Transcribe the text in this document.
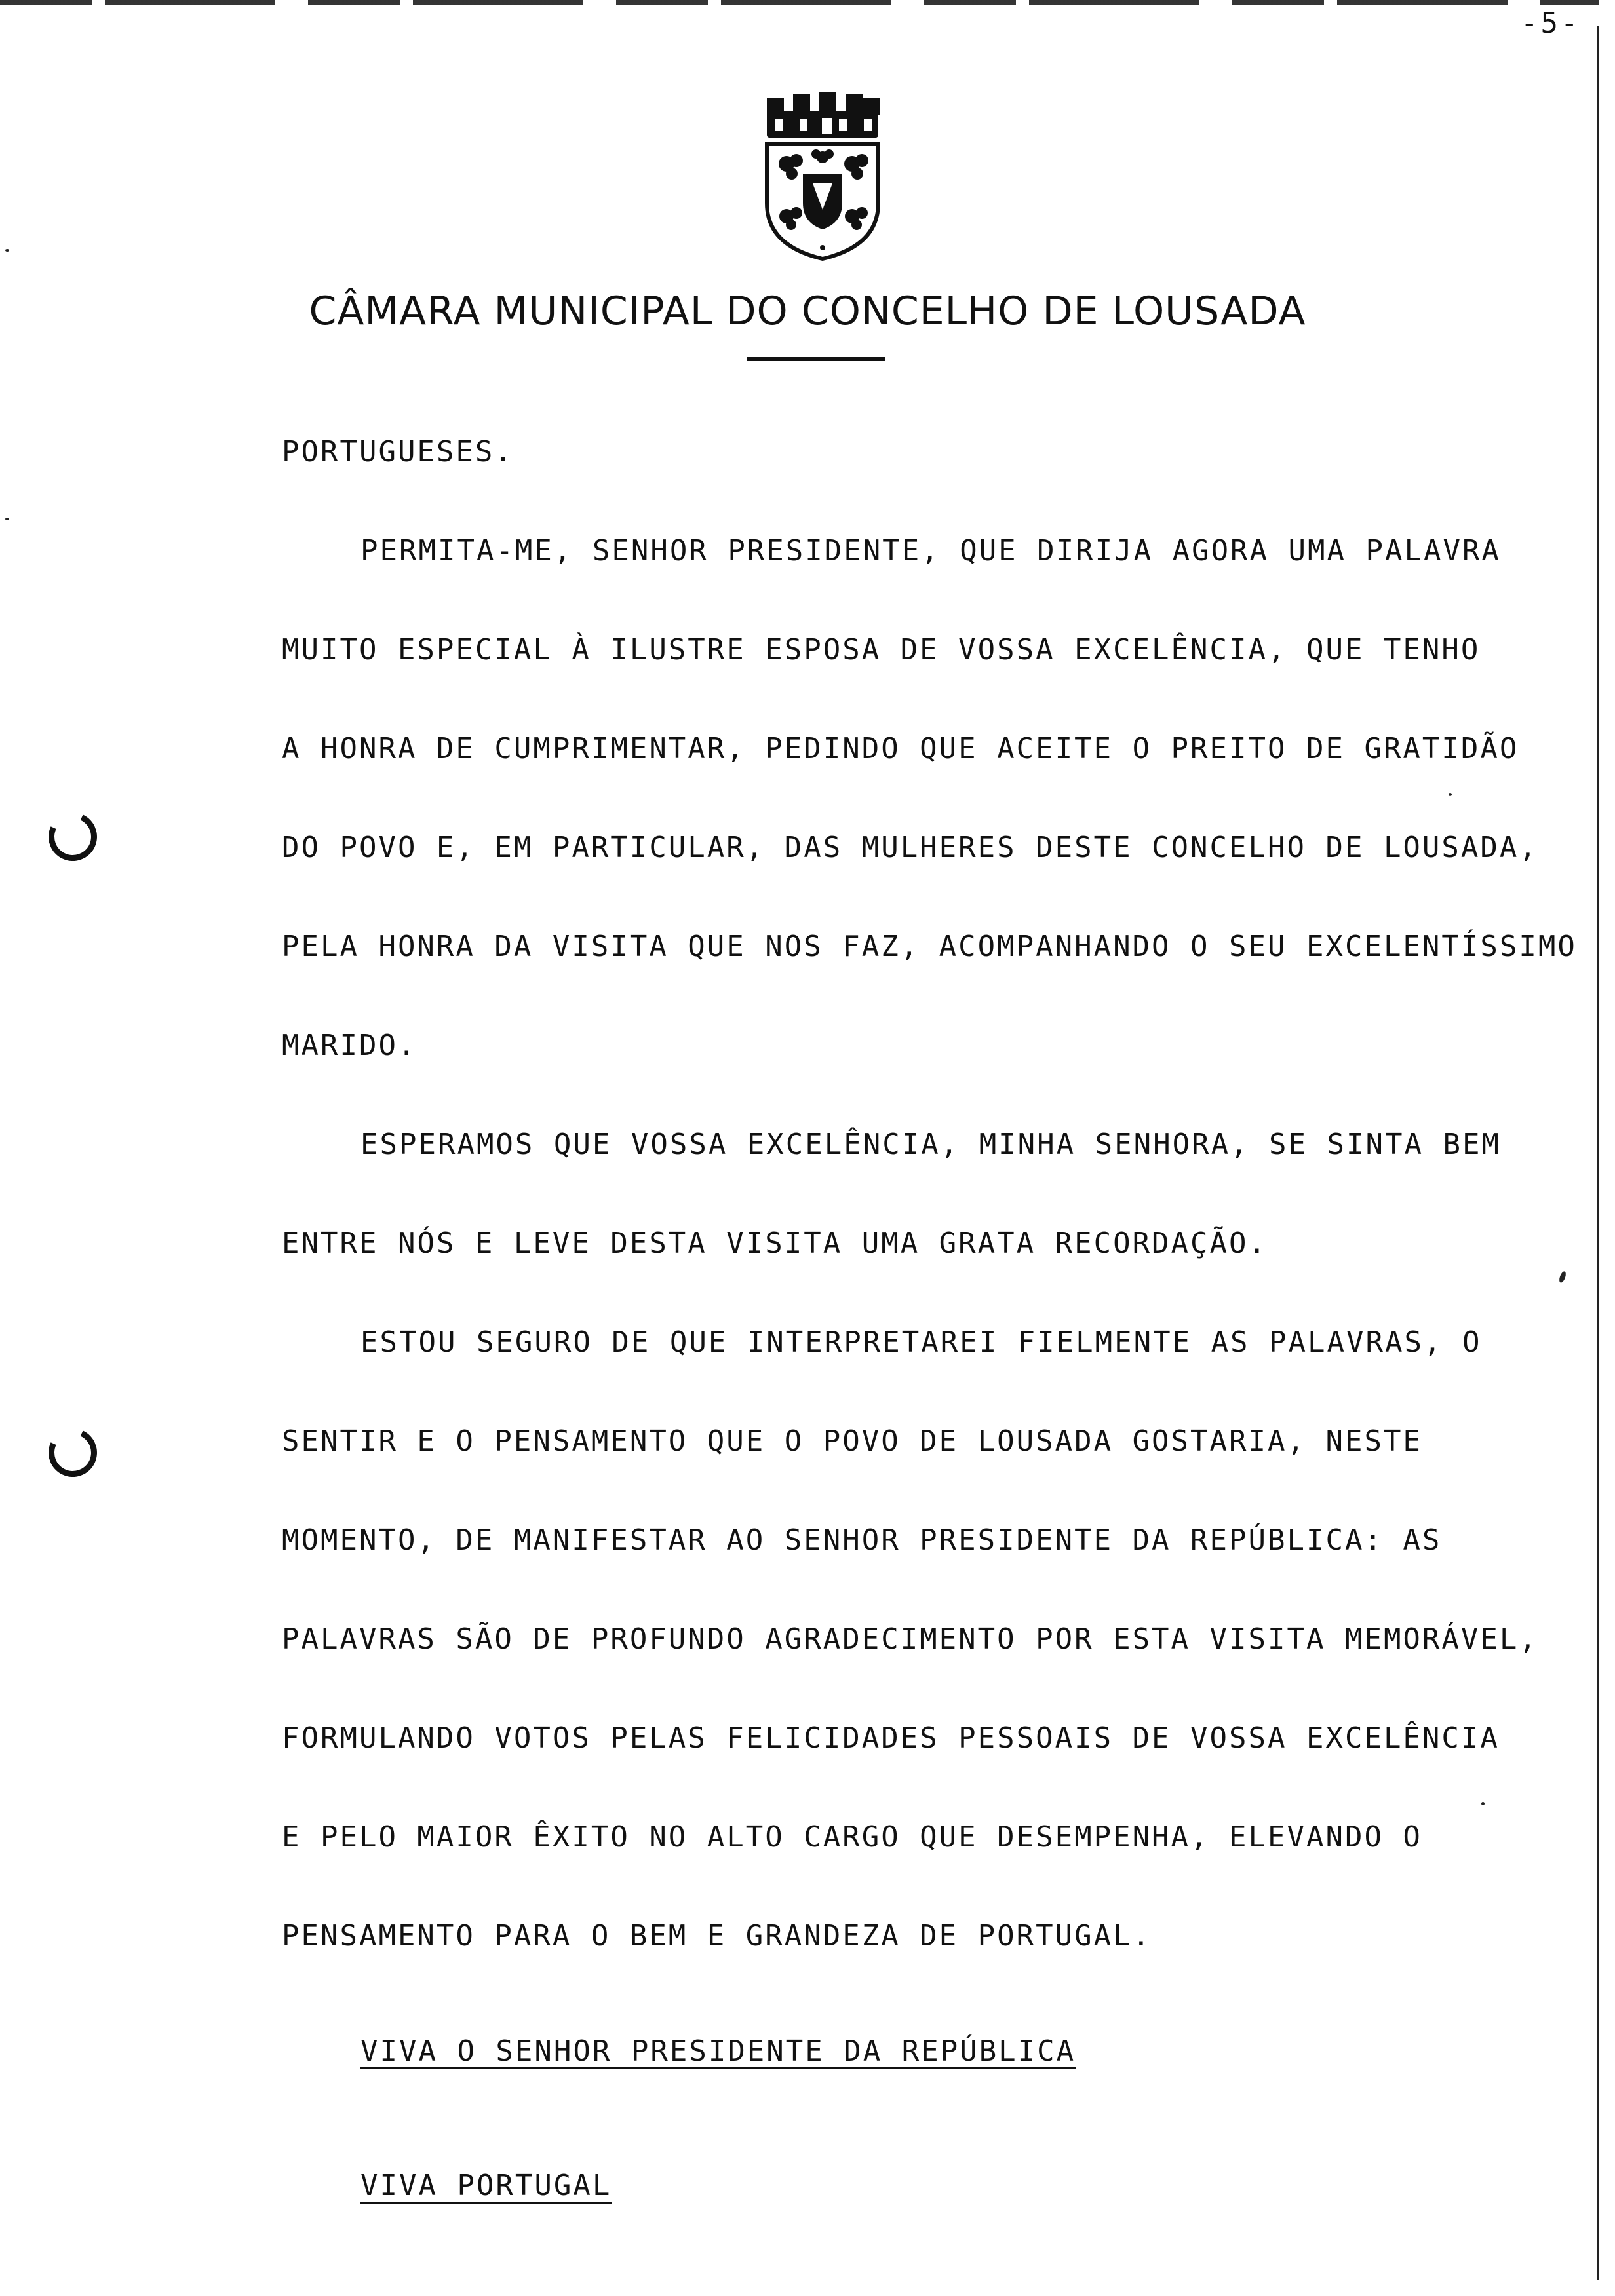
-5-
CÂMARA MUNICIPAL DO CONCELHO DE LOUSADA
PORTUGUESES.
PERMITA-ME, SENHOR PRESIDENTE, QUE DIRIJA AGORA UMA PALAVRA
MUITO ESPECIAL À ILUSTRE ESPOSA DE VOSSA EXCELÊNCIA, QUE TENHO
A HONRA DE CUMPRIMENTAR, PEDINDO QUE ACEITE O PREITO DE GRATIDÃO
DO POVO E, EM PARTICULAR, DAS MULHERES DESTE CONCELHO DE LOUSADA,
PELA HONRA DA VISITA QUE NOS FAZ, ACOMPANHANDO O SEU EXCELENTÍSSIMO
MARIDO.
ESPERAMOS QUE VOSSA EXCELÊNCIA, MINHA SENHORA, SE SINTA BEM
ENTRE NÓS E LEVE DESTA VISITA UMA GRATA RECORDAÇÃO.
ESTOU SEGURO DE QUE INTERPRETAREI FIELMENTE AS PALAVRAS, O
SENTIR E O PENSAMENTO QUE O POVO DE LOUSADA GOSTARIA, NESTE
MOMENTO, DE MANIFESTAR AO SENHOR PRESIDENTE DA REPÚBLICA: AS
PALAVRAS SÃO DE PROFUNDO AGRADECIMENTO POR ESTA VISITA MEMORÁVEL,
FORMULANDO VOTOS PELAS FELICIDADES PESSOAIS DE VOSSA EXCELÊNCIA
E PELO MAIOR ÊXITO NO ALTO CARGO QUE DESEMPENHA, ELEVANDO O
PENSAMENTO PARA O BEM E GRANDEZA DE PORTUGAL.
VIVA O SENHOR PRESIDENTE DA REPÚBLICA
VIVA PORTUGAL
